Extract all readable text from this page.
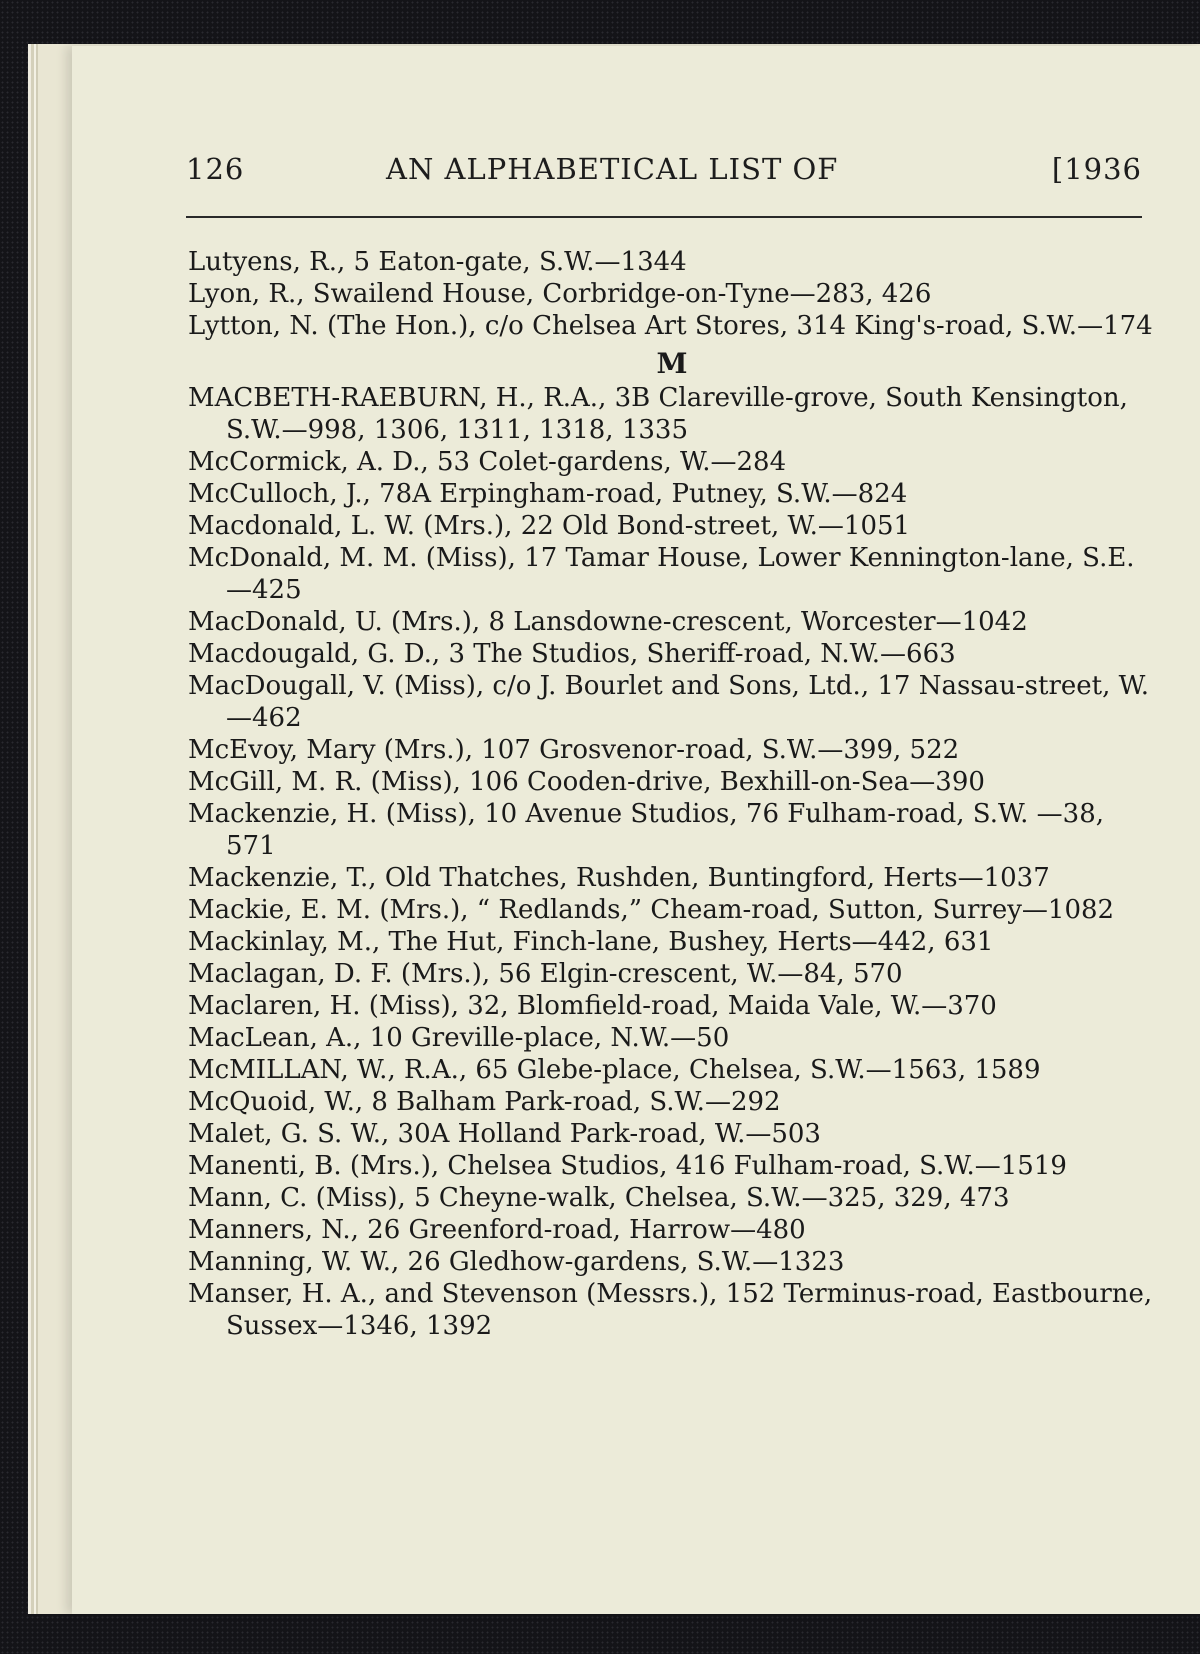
126	AN ALPHABETICAL LIST OF	[1936
Lutyens, R., 5 Eaton-gate, S.W.—1344
Lyon, R., Swailend House, Corbridge-on-Tyne—283, 426
Lytton, N. (The Hon.), c/o Chelsea Art Stores, 314 King's-road, S.W.—174
M
MACBETH-RAEBURN, H., R.A., 3B Clareville-grove, South Kensington, S.W.—998, 1306, 1311, 1318, 1335
McCormick, A. D., 53 Colet-gardens, W.—284
McCulloch, J., 78A Erpingham-road, Putney, S.W.—824
Macdonald, L. W. (Mrs.), 22 Old Bond-street, W.—1051
McDonald, M. M. (Miss), 17 Tamar House, Lower Kennington-lane, S.E.—425
MacDonald, U. (Mrs.), 8 Lansdowne-crescent, Worcester—1042
Macdougald, G. D., 3 The Studios, Sheriff-road, N.W.—663
MacDougall, V. (Miss), c/o J. Bourlet and Sons, Ltd., 17 Nassau-street, W.—462
McEvoy, Mary (Mrs.), 107 Grosvenor-road, S.W.—399, 522
McGill, M. R. (Miss), 106 Cooden-drive, Bexhill-on-Sea—390
Mackenzie, H. (Miss), 10 Avenue Studios, 76 Fulham-road, S.W. —38, 571
Mackenzie, T., Old Thatches, Rushden, Buntingford, Herts—1037
Mackie, E. M. (Mrs.), “ Redlands,” Cheam-road, Sutton, Surrey—1082
Mackinlay, M., The Hut, Finch-lane, Bushey, Herts—442, 631
Maclagan, D. F. (Mrs.), 56 Elgin-crescent, W.—84, 570
Maclaren, H. (Miss), 32, Blomfield-road, Maida Vale, W.—370
MacLean, A., 10 Greville-place, N.W.—50
McMILLAN, W., R.A., 65 Glebe-place, Chelsea, S.W.—1563, 1589
McQuoid, W., 8 Balham Park-road, S.W.—292
Malet, G. S. W., 30A Holland Park-road, W.—503
Manenti, B. (Mrs.), Chelsea Studios, 416 Fulham-road, S.W.—1519
Mann, C. (Miss), 5 Cheyne-walk, Chelsea, S.W.—325, 329, 473
Manners, N., 26 Greenford-road, Harrow—480
Manning, W. W., 26 Gledhow-gardens, S.W.—1323
Manser, H. A., and Stevenson (Messrs.), 152 Terminus-road, Eastbourne, Sussex—1346, 1392
